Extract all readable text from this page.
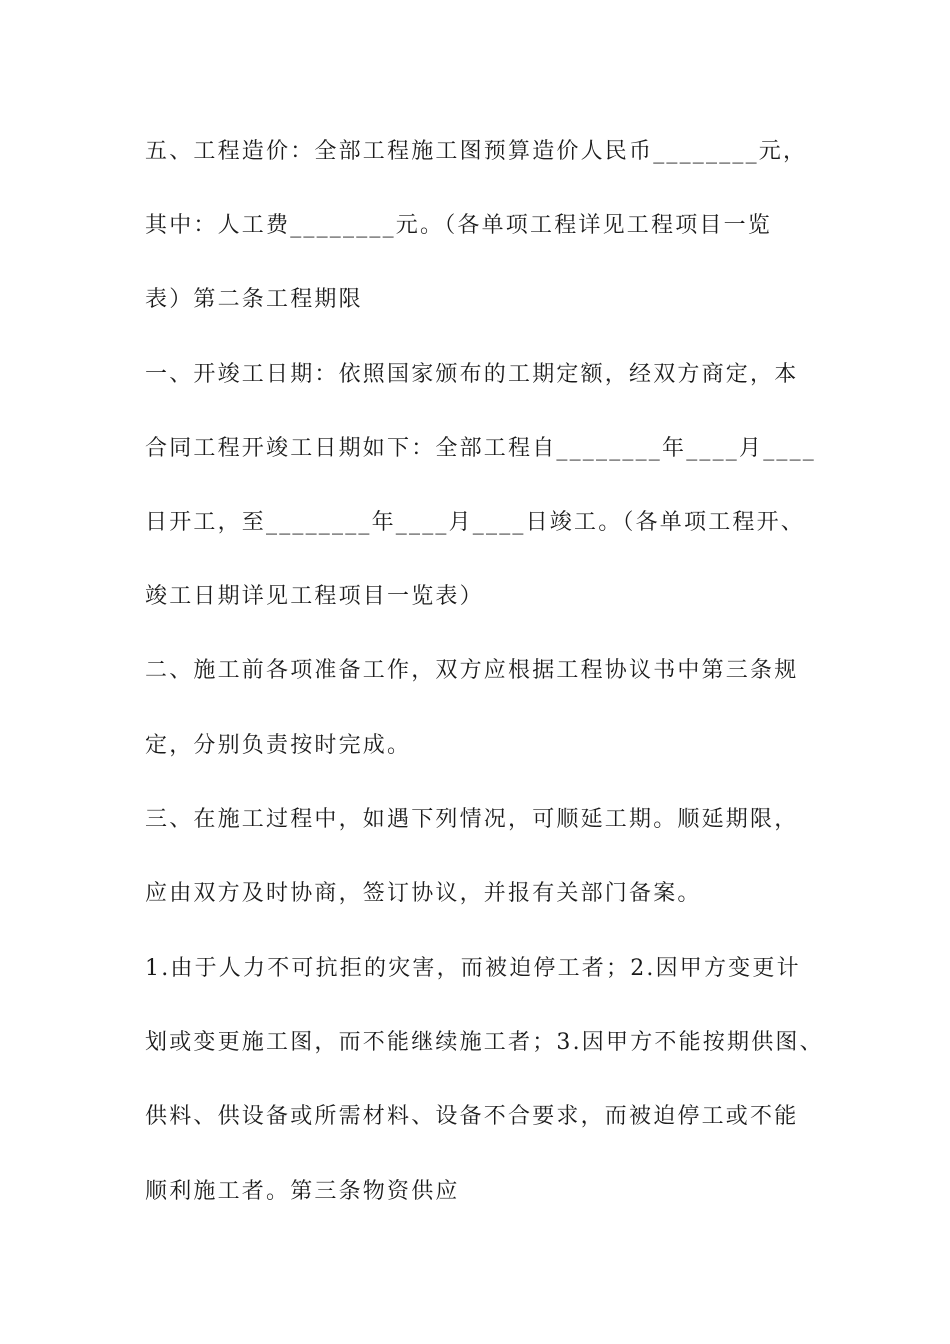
五、工程造价：全部工程施工图预算造价人民币________元，
其中：人工费________元。（各单项工程详见工程项目一览
表）第二条工程期限
一、开竣工日期：依照国家颁布的工期定额，经双方商定，本
合同工程开竣工日期如下：全部工程自________年____月____
日开工，至________年____月____日竣工。（各单项工程开、
竣工日期详见工程项目一览表）
二、施工前各项准备工作，双方应根据工程协议书中第三条规
定，分别负责按时完成。
三、在施工过程中，如遇下列情况，可顺延工期。顺延期限，
应由双方及时协商，签订协议，并报有关部门备案。
1.由于人力不可抗拒的灾害，而被迫停工者；2.因甲方变更计
划或变更施工图，而不能继续施工者；3.因甲方不能按期供图、
供料、供设备或所需材料、设备不合要求，而被迫停工或不能
顺利施工者。第三条物资供应
